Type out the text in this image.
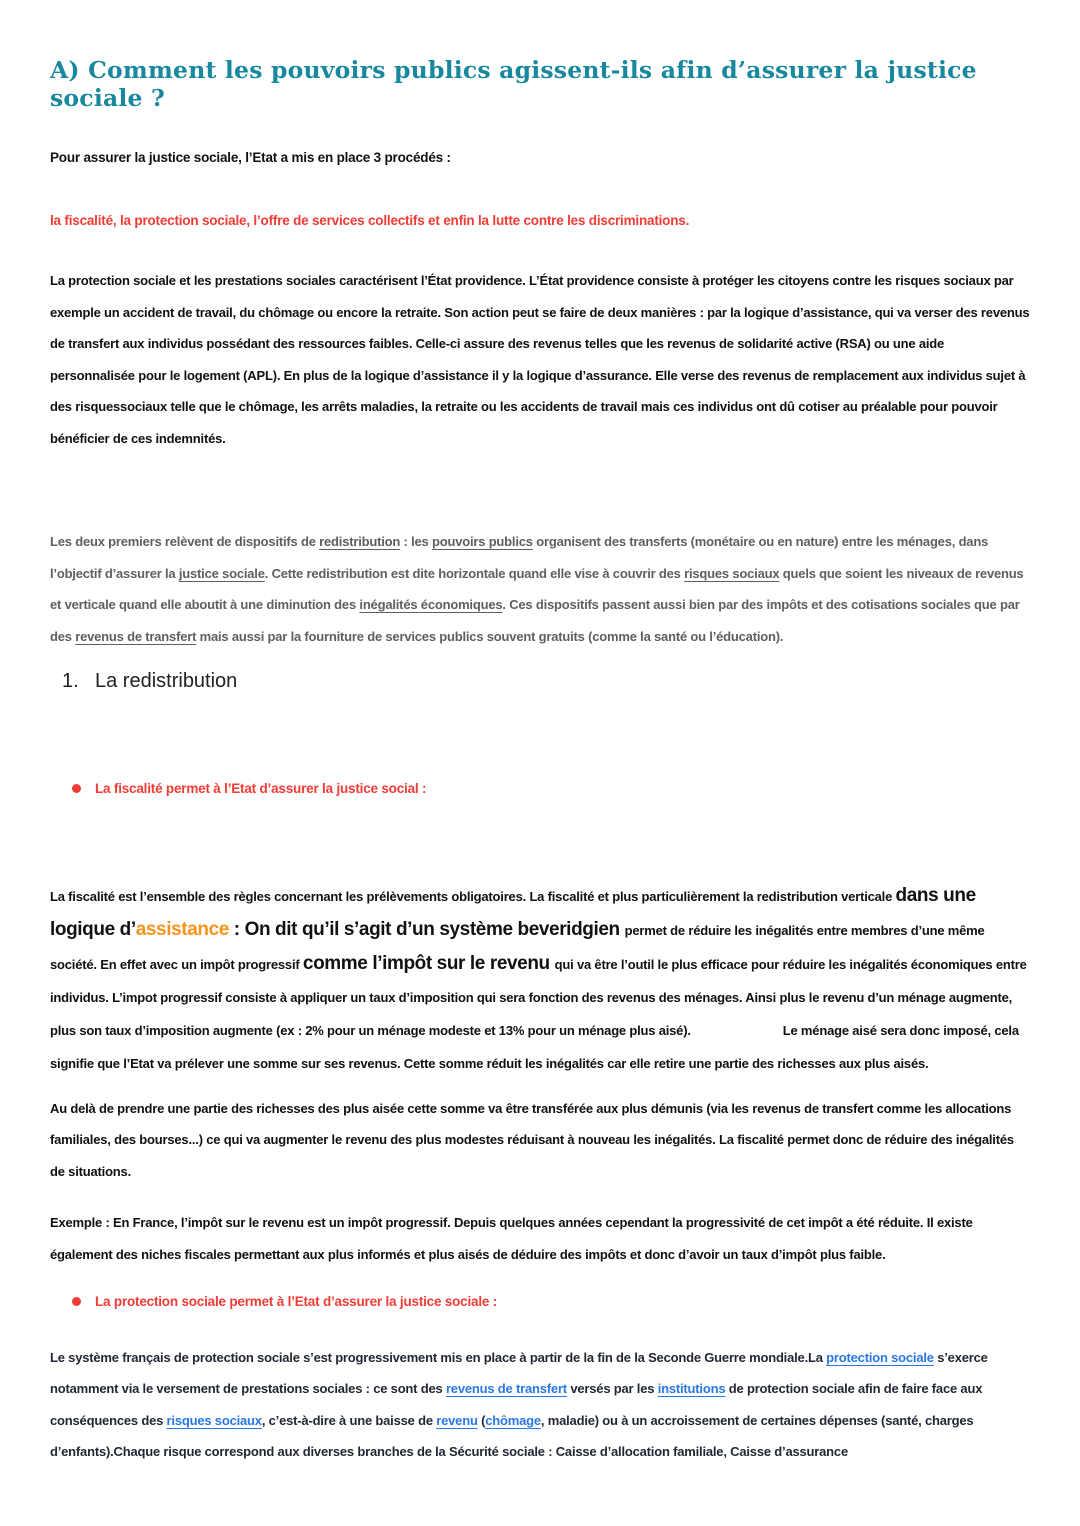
A) Comment les pouvoirs publics agissent-ils afin d’assurer la justice sociale ?

Pour assurer la justice sociale, l’Etat a mis en place 3 procédés :

la fiscalité, la protection sociale, l’offre de services collectifs et enfin la lutte contre les discriminations.

La protection sociale et les prestations sociales caractérisent l’État providence. L’État providence consiste à protéger les citoyens contre les risques sociaux par exemple un accident de travail, du chômage ou encore la retraite. Son action peut se faire de deux manières : par la logique d’assistance, qui va verser des revenus de transfert aux individus possédant des ressources faibles. Celle-ci assure des revenus telles que les revenus de solidarité active (RSA) ou une aide personnalisée pour le logement (APL). En plus de la logique d’assistance il y la logique d’assurance. Elle verse des revenus de remplacement aux individus sujet à des risquessociaux telle que le chômage, les arrêts maladies, la retraite ou les accidents de travail mais ces individus ont dû cotiser au préalable pour pouvoir bénéficier de ces indemnités.

Les deux premiers relèvent de dispositifs de redistribution : les pouvoirs publics organisent des transferts (monétaire ou en nature) entre les ménages, dans l’objectif d’assurer la justice sociale. Cette redistribution est dite horizontale quand elle vise à couvrir des risques sociaux quels que soient les niveaux de revenus et verticale quand elle aboutit à une diminution des inégalités économiques. Ces dispositifs passent aussi bien par des impôts et des cotisations sociales que par des revenus de transfert mais aussi par la fourniture de services publics souvent gratuits (comme la santé ou l’éducation).

1. La redistribution
La fiscalité permet à l’Etat d’assurer la justice social :

La fiscalité est l’ensemble des règles concernant les prélèvements obligatoires. La fiscalité et plus particulièrement la redistribution verticale dans une logique d’assistance : On dit qu’il s’agit d’un système beveridgien permet de réduire les inégalités entre membres d’une même société. En effet avec un impôt progressif comme l’impôt sur le revenu qui va être l’outil le plus efficace pour réduire les inégalités économiques entre individus. L’impot progressif consiste à appliquer un taux d’imposition qui sera fonction des revenus des ménages. Ainsi plus le revenu d’un ménage augmente, plus son taux d’imposition augmente (ex : 2% pour un ménage modeste et 13% pour un ménage plus aisé).	Le ménage aisé sera donc imposé, cela signifie que l’Etat va prélever une somme sur ses revenus. Cette somme réduit les inégalités car elle retire une partie des richesses aux plus aisés.

Au delà de prendre une partie des richesses des plus aisée cette somme va être transférée aux plus démunis (via les revenus de transfert comme les allocations familiales, des bourses...) ce qui va augmenter le revenu des plus modestes réduisant à nouveau les inégalités. La fiscalité permet donc de réduire des inégalités de situations.

Exemple : En France, l’impôt sur le revenu est un impôt progressif. Depuis quelques années cependant la progressivité de cet impôt a été réduite. Il existe également des niches fiscales permettant aux plus informés et plus aisés de déduire des impôts et donc d’avoir un taux d’impôt plus faible.

La protection sociale permet à l’Etat d’assurer la justice sociale :

Le système français de protection sociale s’est progressivement mis en place à partir de la fin de la Seconde Guerre mondiale.La protection sociale s’exerce notamment via le versement de prestations sociales : ce sont des revenus de transfert versés par les institutions de protection sociale afin de faire face aux conséquences des risques sociaux, c’est-à-dire à une baisse de revenu (chômage, maladie) ou à un accroissement de certaines dépenses (santé, charges d’enfants).Chaque risque correspond aux diverses branches de la Sécurité sociale : Caisse d’allocation familiale, Caisse d’assurance
